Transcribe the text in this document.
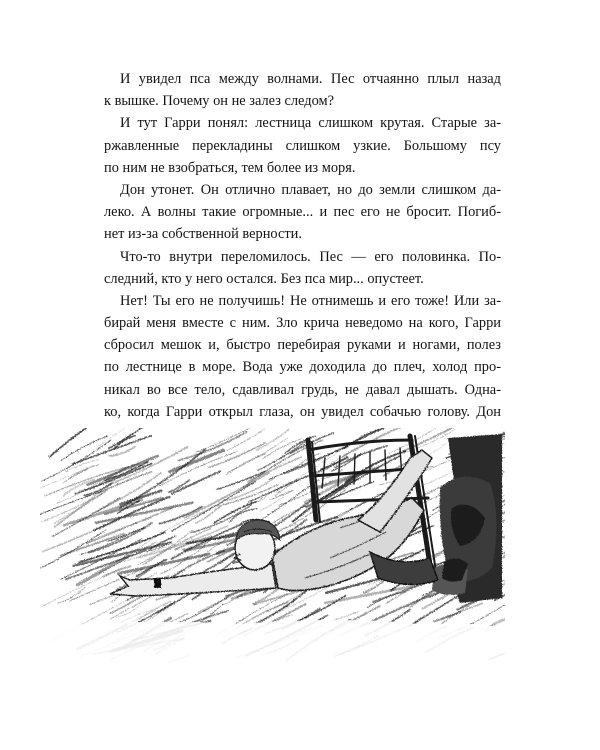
И увидел пса между волнами. Пес отчаянно плыл назад
к вышке. Почему он не залез следом?
И тут Гарри понял: лестница слишком крутая. Старые за-
ржавленные перекладины слишком узкие. Большому псу
по ним не взобраться, тем более из моря.
Дон утонет. Он отлично плавает, но до земли слишком да-
леко. А волны такие огромные... и пес его не бросит. Погиб-
нет из-за собственной верности.
Что-то внутри переломилось. Пес — его половинка. По-
следний, кто у него остался. Без пса мир... опустеет.
Нет! Ты его не получишь! Не отнимешь и его тоже! Или за-
бирай меня вместе с ним. Зло крича неведомо на кого, Гарри
сбросил мешок и, быстро перебирая руками и ногами, полез
по лестнице в море. Вода уже доходила до плеч, холод про-
никал во все тело, сдавливал грудь, не давал дышать. Одна-
ко, когда Гарри открыл глаза, он увидел собачью голову. Дон
